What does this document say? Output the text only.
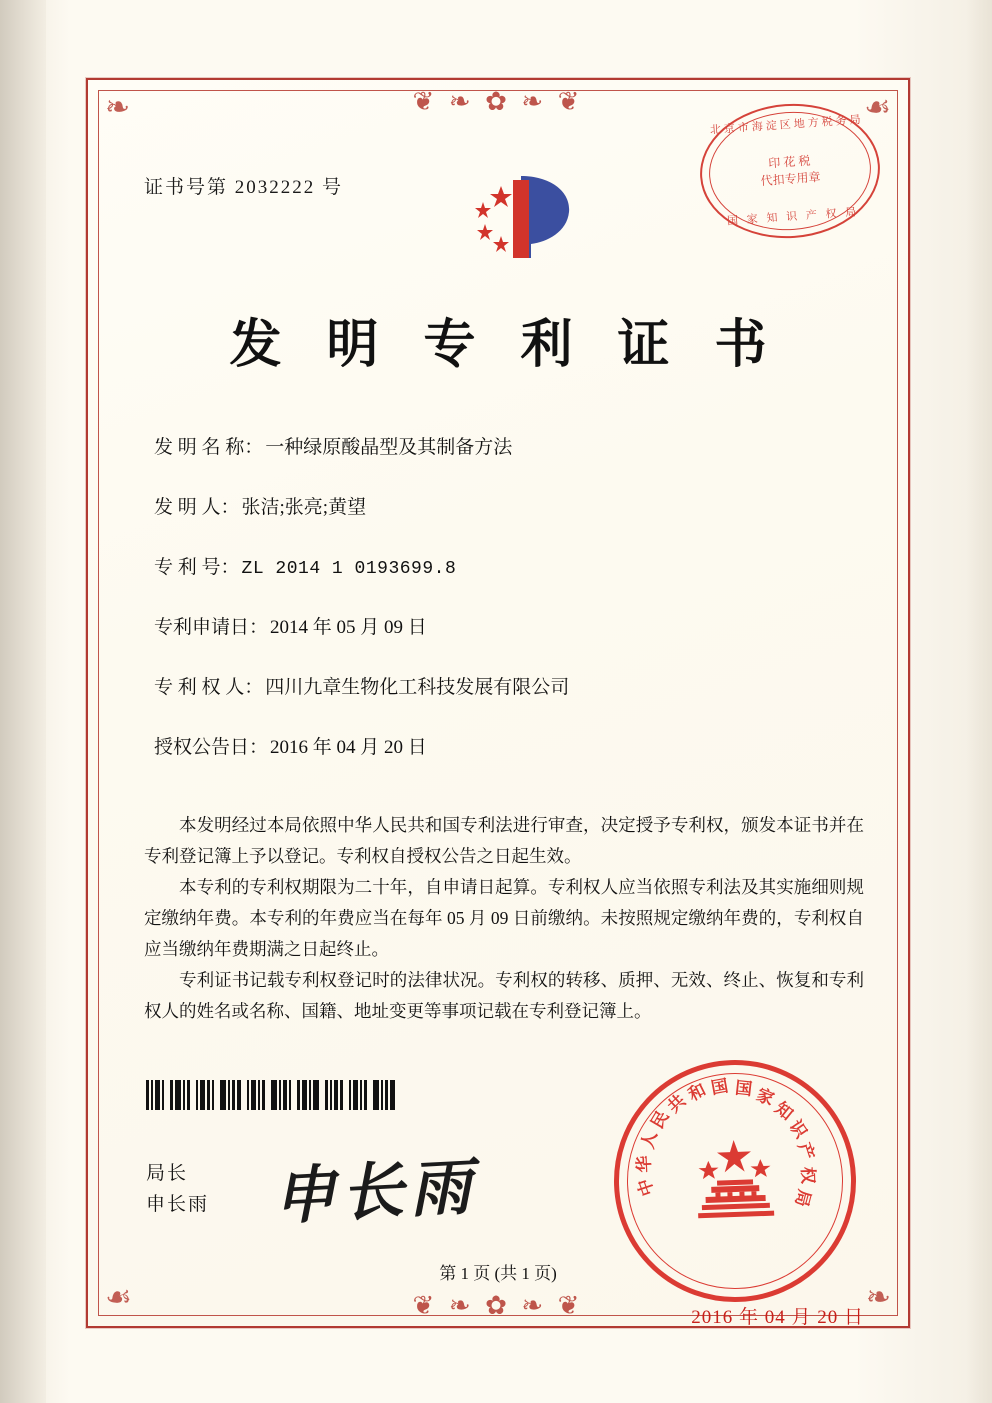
❧	☙
☙	❧
❦ ❧ ✿ ❧ ❦
❦ ❧ ✿ ❧ ❦
证书号第 2032222 号
北京市海淀区地方税务局
印 花 税
代扣专用章
国 家 知 识 产 权 局
发 明 专 利 证 书
发 明 名 称： 一种绿原酸晶型及其制备方法
发 明 人： 张洁;张亮;黄望
专 利 号： ZL 2014 1 0193699.8
专利申请日： 2014 年 05 月 09 日
专 利 权 人： 四川九章生物化工科技发展有限公司
授权公告日： 2016 年 04 月 20 日

本发明经过本局依照中华人民共和国专利法进行审查，决定授予专利权，颁发本证书并在专利登记簿上予以登记。专利权自授权公告之日起生效。

本专利的专利权期限为二十年，自申请日起算。专利权人应当依照专利法及其实施细则规定缴纳年费。本专利的年费应当在每年 05 月 09 日前缴纳。未按照规定缴纳年费的，专利权自应当缴纳年费期满之日起终止。

专利证书记载专利权登记时的法律状况。专利权的转移、质押、无效、终止、恢复和专利权人的姓名或名称、国籍、地址变更等事项记载在专利登记簿上。

局长
申长雨 申长雨	中
华
人
民
共
和 国 国 家
知
识
产
权
局
2016 年 04 月 20 日
第 1 页 (共 1 页)
